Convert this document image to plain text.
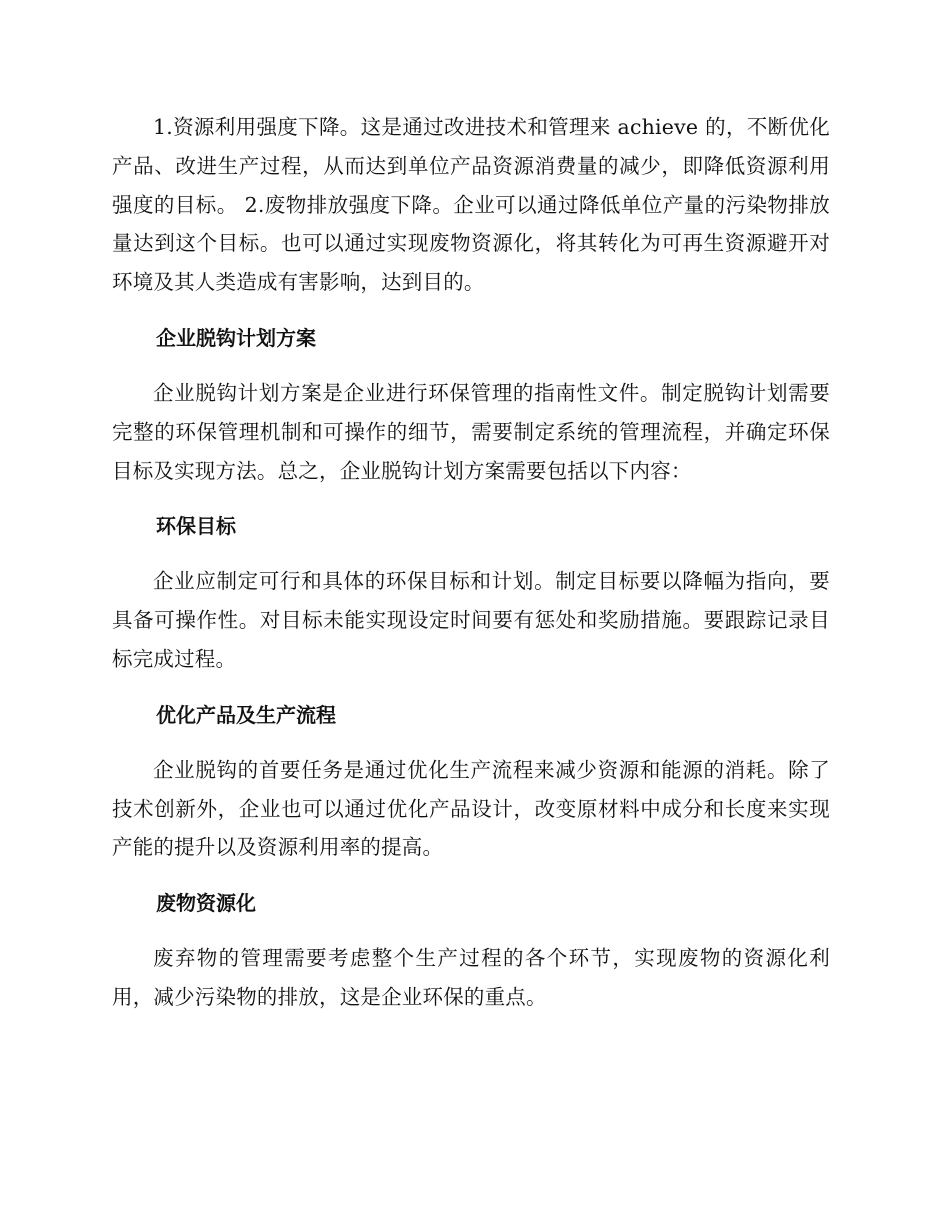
1.资源利用强度下降。这是通过改进技术和管理来 achieve 的，不断优化产品、改进生产过程，从而达到单位产品资源消费量的减少，即降低资源利用强度的目标。 2.废物排放强度下降。企业可以通过降低单位产量的污染物排放量达到这个目标。也可以通过实现废物资源化，将其转化为可再生资源避开对环境及其人类造成有害影响，达到目的。

企业脱钩计划方案

企业脱钩计划方案是企业进行环保管理的指南性文件。制定脱钩计划需要完整的环保管理机制和可操作的细节，需要制定系统的管理流程，并确定环保目标及实现方法。总之，企业脱钩计划方案需要包括以下内容：

环保目标

企业应制定可行和具体的环保目标和计划。制定目标要以降幅为指向，要具备可操作性。对目标未能实现设定时间要有惩处和奖励措施。要跟踪记录目标完成过程。

优化产品及生产流程

企业脱钩的首要任务是通过优化生产流程来减少资源和能源的消耗。除了技术创新外，企业也可以通过优化产品设计，改变原材料中成分和长度来实现产能的提升以及资源利用率的提高。

废物资源化

废弃物的管理需要考虑整个生产过程的各个环节，实现废物的资源化利用，减少污染物的排放，这是企业环保的重点。
